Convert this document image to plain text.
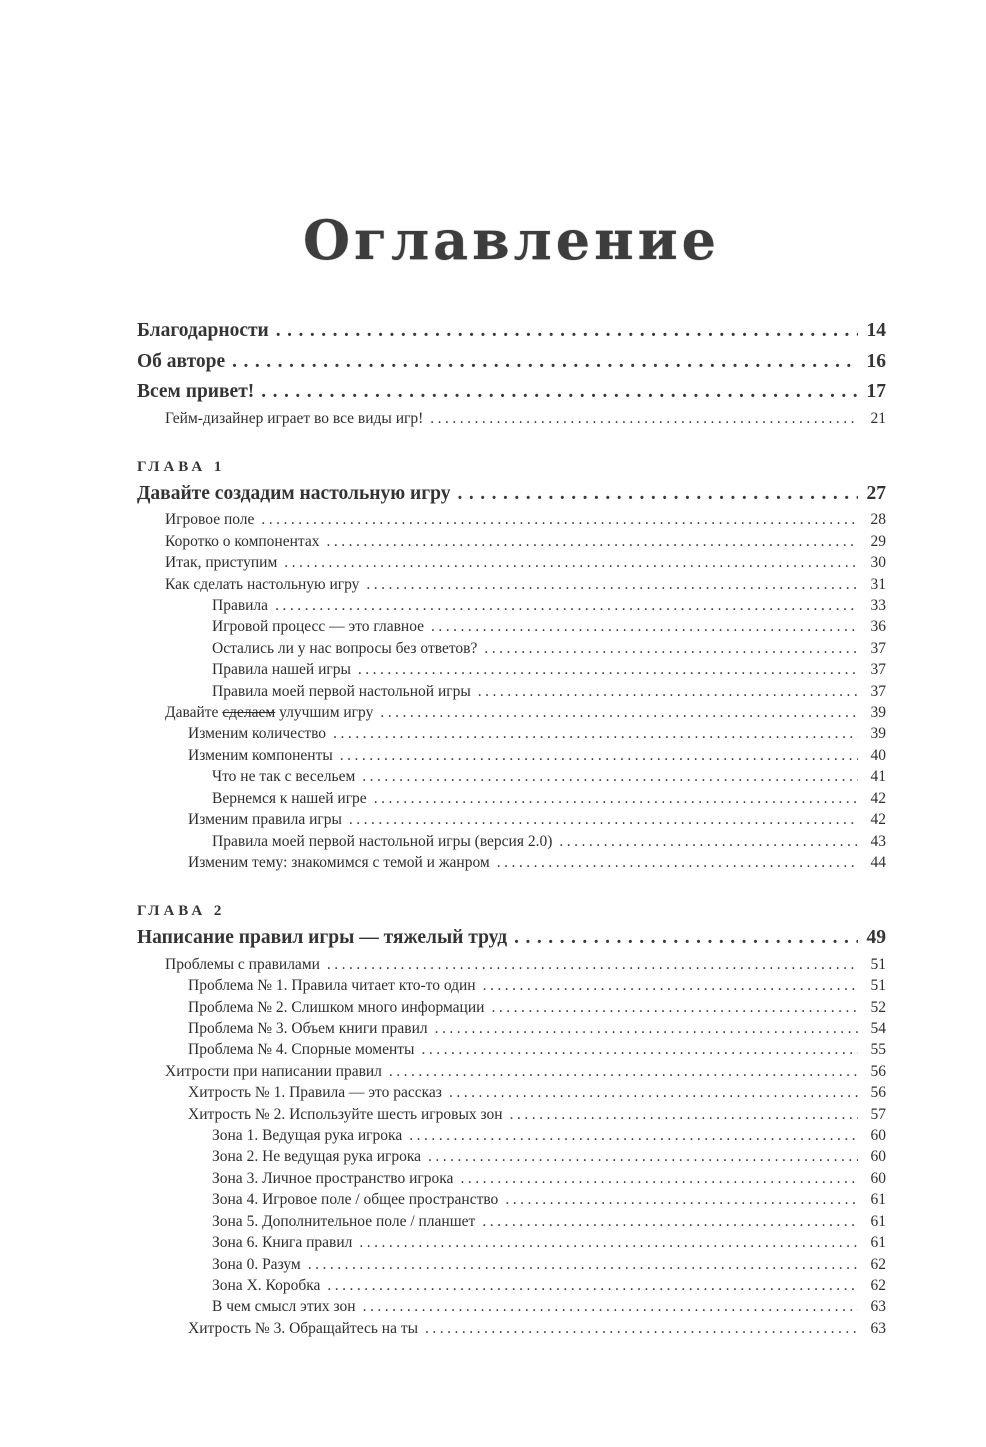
Оглавление
Благодарности .....	14
Об авторе .....	16
Всем привет! .....	17
Гейм-дизайнер играет во все виды игр! .....	21
ГЛАВА 1
Давайте создадим настольную игру .....	27
Игровое поле .....	28
Коротко о компонентах .....	29
Итак, приступим .....	30
Как сделать настольную игру .....	31
Правила .....	33
Игровой процесс — это главное .....	36
Остались ли у нас вопросы без ответов? .....	37
Правила нашей игры .....	37
Правила моей первой настольной игры .....	37
Давайте сделаем улучшим игру .....	39
Изменим количество .....	39
Изменим компоненты .....	40
Что не так с весельем .....	41
Вернемся к нашей игре .....	42
Изменим правила игры .....	42
Правила моей первой настольной игры (версия 2.0) .....	43
Изменим тему: знакомимся с темой и жанром .....	44
ГЛАВА 2
Написание правил игры — тяжелый труд .....	49
Проблемы с правилами .....	51
Проблема № 1. Правила читает кто-то один .....	51
Проблема № 2. Слишком много информации .....	52
Проблема № 3. Объем книги правил .....	54
Проблема № 4. Спорные моменты .....	55
Хитрости при написании правил .....	56
Хитрость № 1. Правила — это рассказ .....	56
Хитрость № 2. Используйте шесть игровых зон .....	57
Зона 1. Ведущая рука игрока .....	60
Зона 2. Не ведущая рука игрока .....	60
Зона 3. Личное пространство игрока .....	60
Зона 4. Игровое поле / общее пространство .....	61
Зона 5. Дополнительное поле / планшет .....	61
Зона 6. Книга правил .....	61
Зона 0. Разум .....	62
Зона Х. Коробка .....	62
В чем смысл этих зон .....	63
Хитрость № 3. Обращайтесь на ты .....	63
